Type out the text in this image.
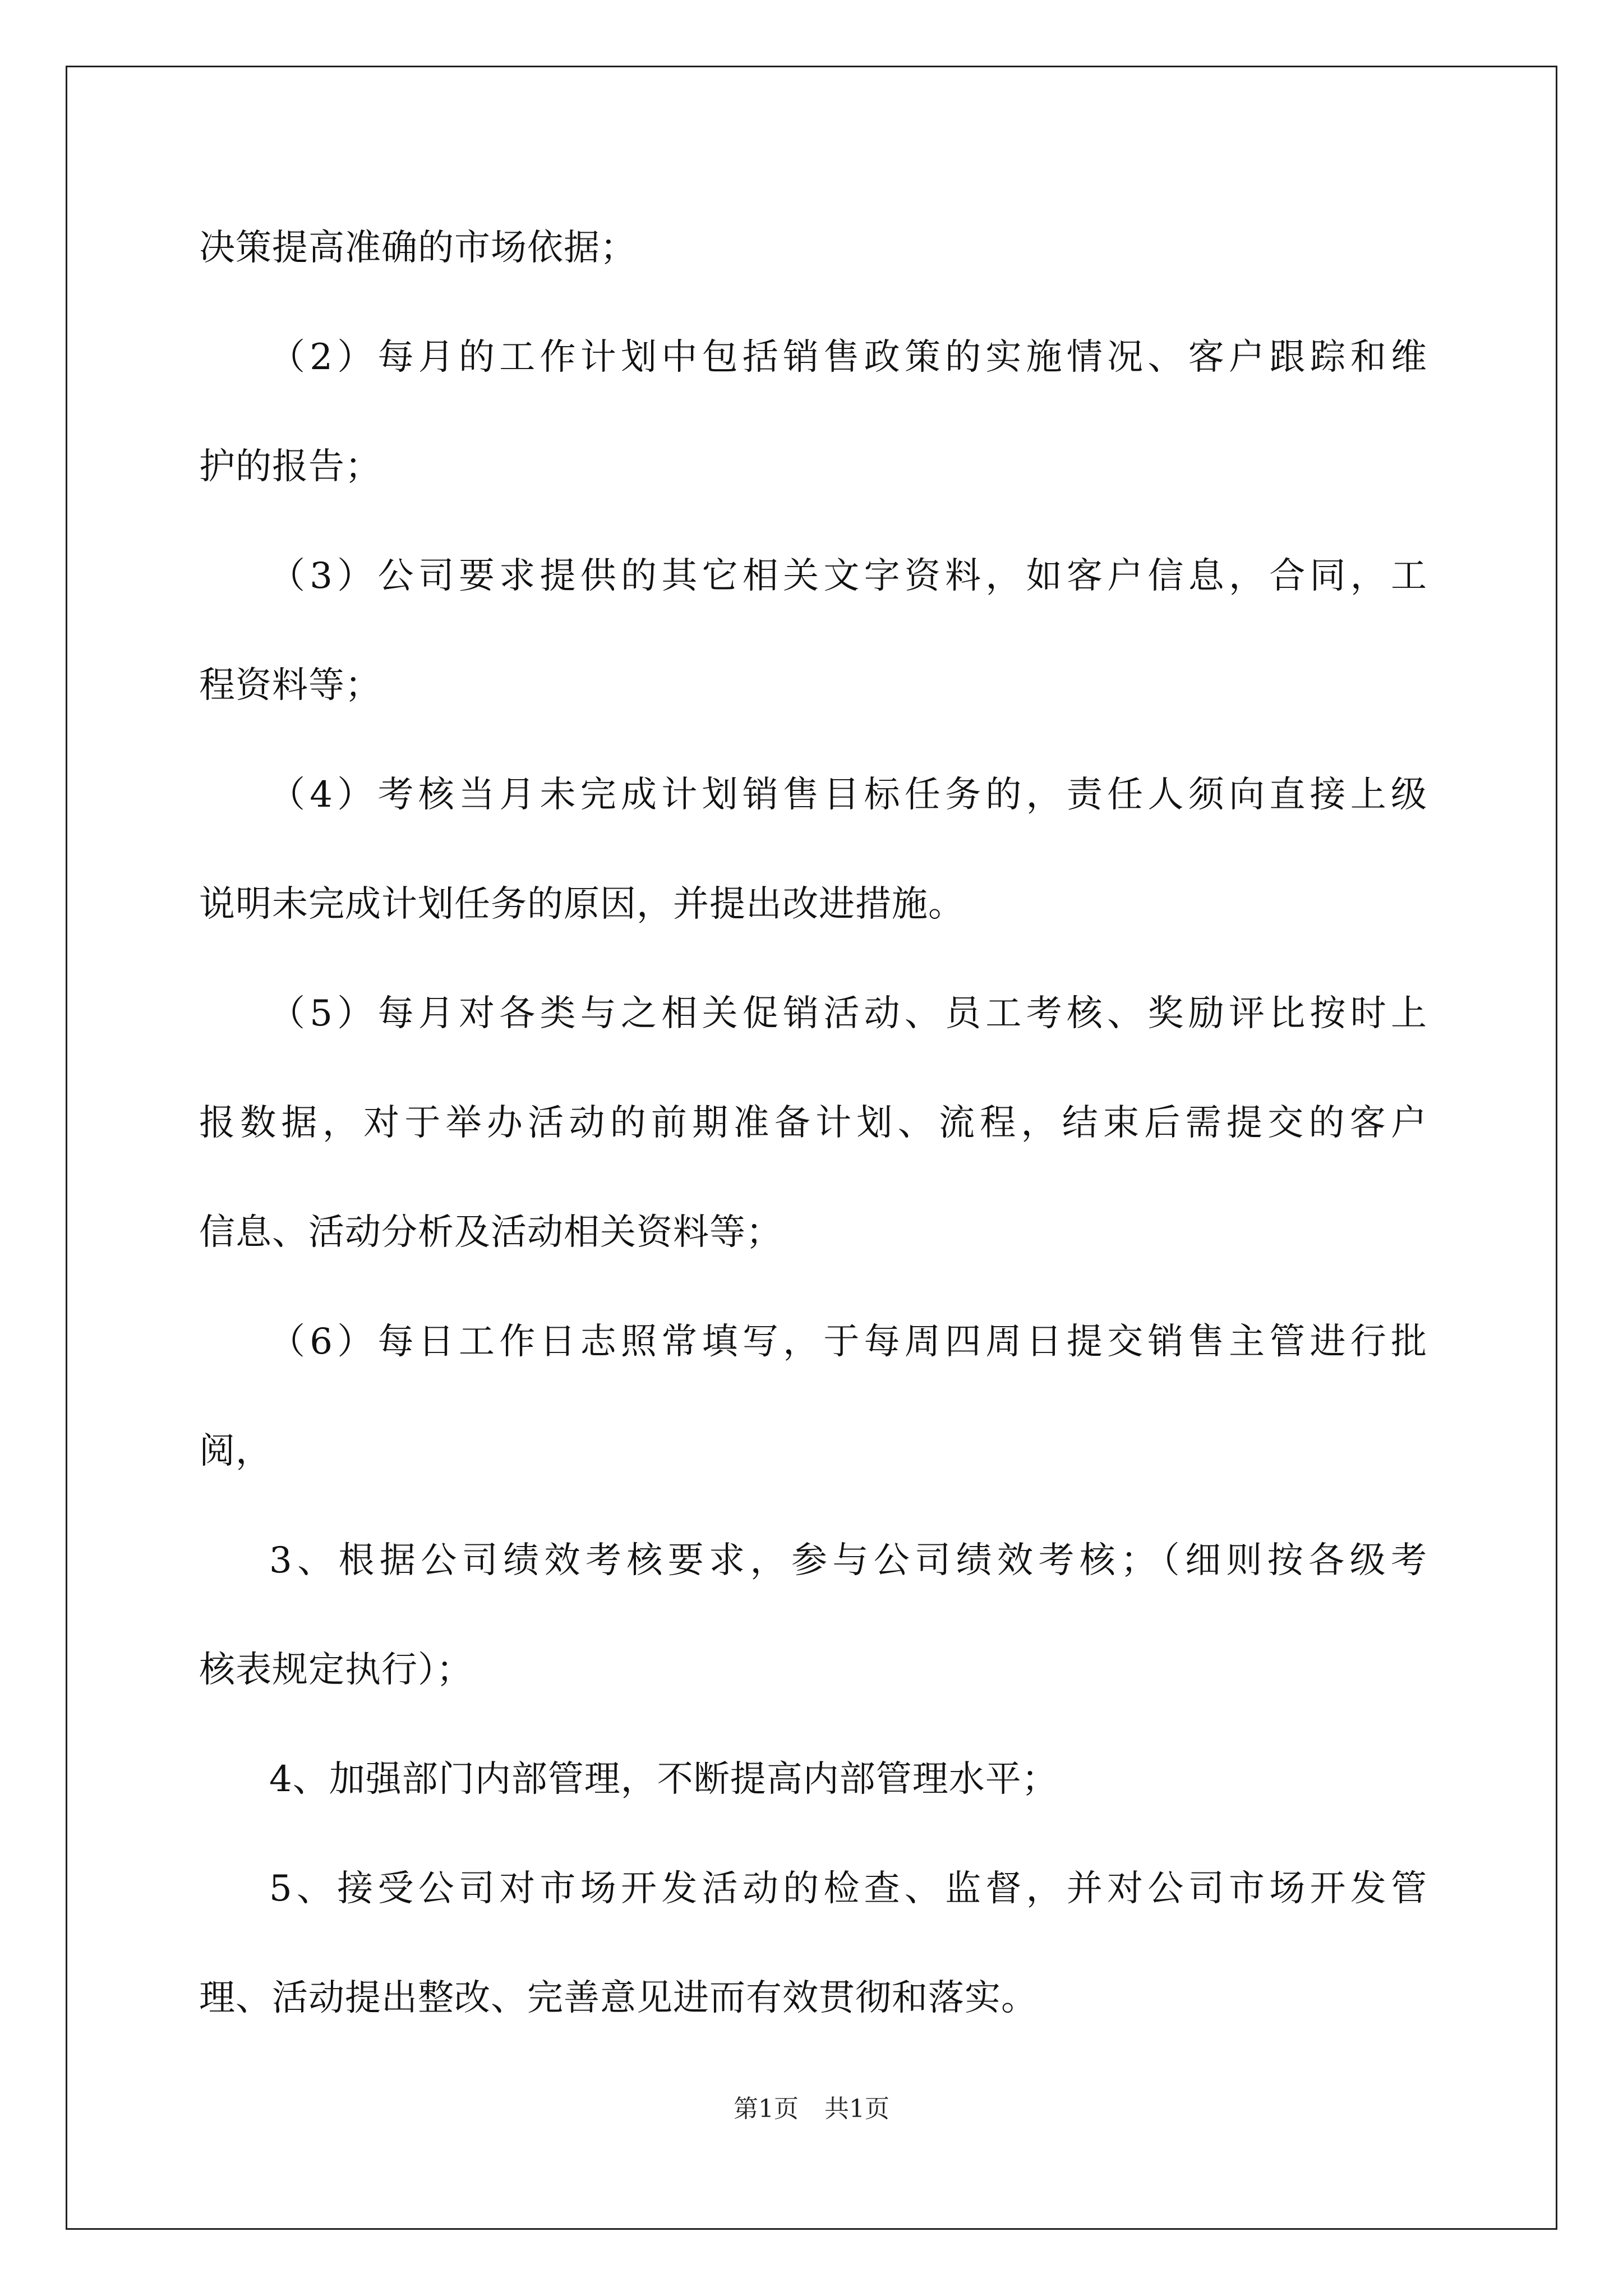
决策提高准确的市场依据；
（2）每月的工作计划中包括销售政策的实施情况、客户跟踪和维
护的报告；
（3）公司要求提供的其它相关文字资料，如客户信息，合同，工
程资料等；
（4）考核当月未完成计划销售目标任务的，责任人须向直接上级
说明未完成计划任务的原因，并提出改进措施。
（5）每月对各类与之相关促销活动、员工考核、奖励评比按时上
报数据，对于举办活动的前期准备计划、流程，结束后需提交的客户
信息、活动分析及活动相关资料等；
（6）每日工作日志照常填写，于每周四周日提交销售主管进行批
阅，
3、根据公司绩效考核要求，参与公司绩效考核；（细则按各级考
核表规定执行）；
4、加强部门内部管理，不断提高内部管理水平；
5、接受公司对市场开发活动的检查、监督，并对公司市场开发管
理、活动提出整改、完善意见进而有效贯彻和落实。
第1页 共1页
